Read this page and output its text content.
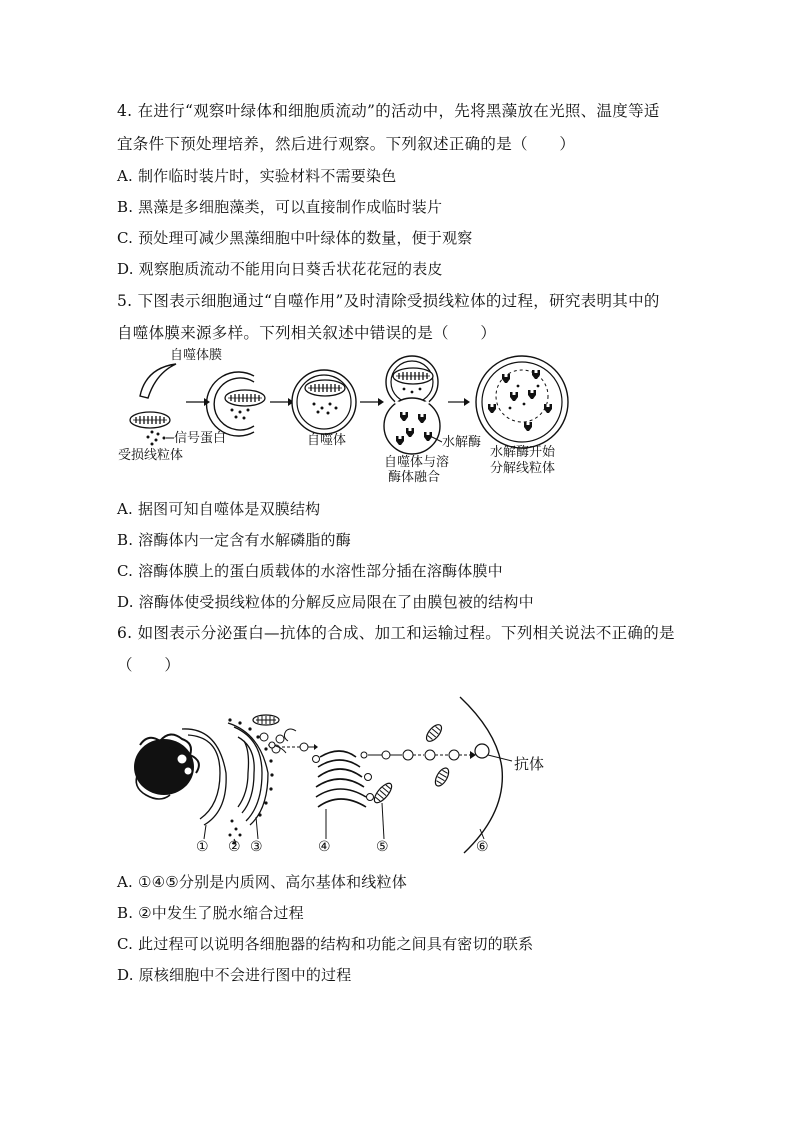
4. 在进行“观察叶绿体和细胞质流动”的活动中，先将黑藻放在光照、温度等适
宜条件下预处理培养，然后进行观察。下列叙述正确的是（　　）
A. 制作临时装片时，实验材料不需要染色
B. 黑藻是多细胞藻类，可以直接制作成临时装片
C. 预处理可减少黑藻细胞中叶绿体的数量，便于观察
D. 观察胞质流动不能用向日葵舌状花花冠的表皮
5. 下图表示细胞通过“自噬作用”及时清除受损线粒体的过程，研究表明其中的
自噬体膜来源多样。下列相关叙述中错误的是（　　）
自噬体膜
信号蛋白
受损线粒体
自噬体	水解酶
自噬体与溶
酶体融合
水解酶开始
分解线粒体
A. 据图可知自噬体是双膜结构
B. 溶酶体内一定含有水解磷脂的酶
C. 溶酶体膜上的蛋白质载体的水溶性部分插在溶酶体膜中
D. 溶酶体使受损线粒体的分解反应局限在了由膜包被的结构中
6. 如图表示分泌蛋白—抗体的合成、加工和运输过程。下列相关说法不正确的是
（　　）
抗体
① ② ③	④	⑤	⑥
A. ①④⑤分别是内质网、高尔基体和线粒体
B. ②中发生了脱水缩合过程
C. 此过程可以说明各细胞器的结构和功能之间具有密切的联系
D. 原核细胞中不会进行图中的过程
